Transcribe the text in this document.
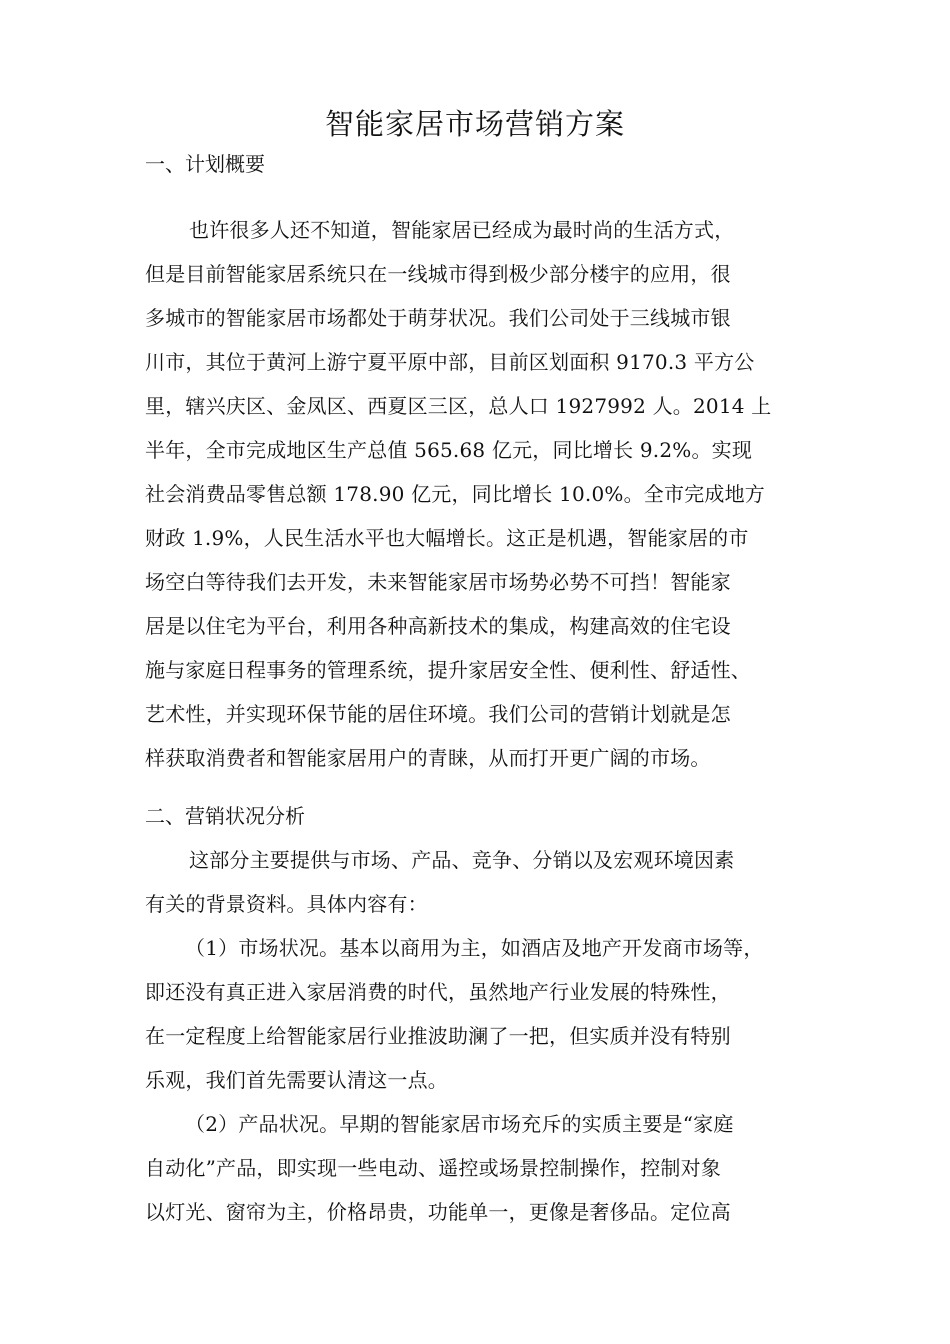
智能家居市场营销方案
一、计划概要
也许很多人还不知道，智能家居已经成为最时尚的生活方式，
但是目前智能家居系统只在一线城市得到极少部分楼宇的应用，很
多城市的智能家居市场都处于萌芽状况。我们公司处于三线城市银
川市，其位于黄河上游宁夏平原中部，目前区划面积 9170.3 平方公
里，辖兴庆区、金凤区、西夏区三区，总人口 1927992 人。2014 上
半年，全市完成地区生产总值 565.68 亿元，同比增长 9.2%。实现
社会消费品零售总额 178.90 亿元，同比增长 10.0%。全市完成地方
财政 1.9%，人民生活水平也大幅增长。这正是机遇，智能家居的市
场空白等待我们去开发，未来智能家居市场势必势不可挡！智能家
居是以住宅为平台，利用各种高新技术的集成，构建高效的住宅设
施与家庭日程事务的管理系统，提升家居安全性、便利性、舒适性、
艺术性，并实现环保节能的居住环境。我们公司的营销计划就是怎
样获取消费者和智能家居用户的青睐，从而打开更广阔的市场。
二、营销状况分析
这部分主要提供与市场、产品、竞争、分销以及宏观环境因素
有关的背景资料。具体内容有：
（1）市场状况。基本以商用为主，如酒店及地产开发商市场等，
即还没有真正进入家居消费的时代，虽然地产行业发展的特殊性，
在一定程度上给智能家居行业推波助澜了一把，但实质并没有特别
乐观，我们首先需要认清这一点。
（2）产品状况。早期的智能家居市场充斥的实质主要是“家庭
自动化”产品，即实现一些电动、遥控或场景控制操作，控制对象
以灯光、窗帘为主，价格昂贵，功能单一，更像是奢侈品。定位高
